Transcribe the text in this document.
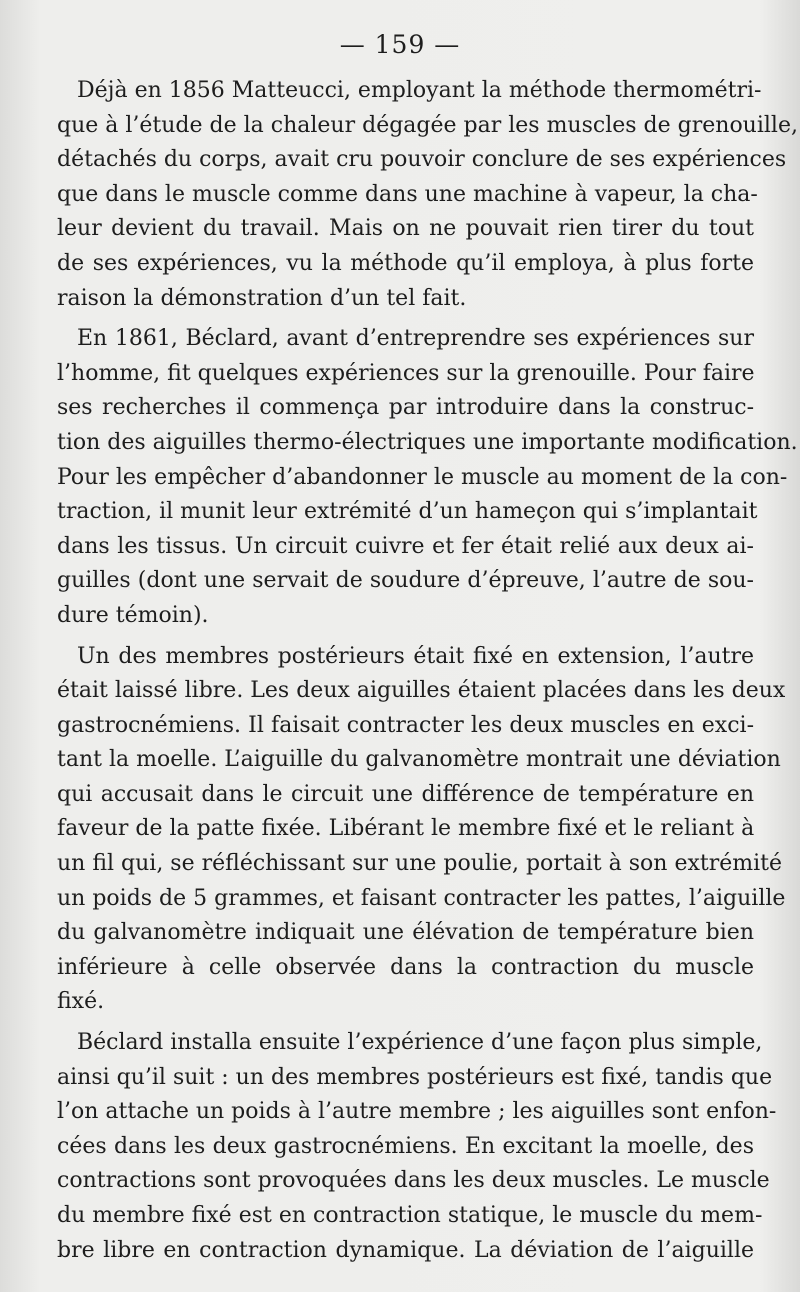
— 159 —

Déjà en 1856 Matteucci, employant la méthode thermométri-
que à l’étude de la chaleur dégagée par les muscles de grenouille,
détachés du corps, avait cru pouvoir conclure de ses expériences
que dans le muscle comme dans une machine à vapeur, la cha-
leur devient du travail. Mais on ne pouvait rien tirer du tout
de ses expériences, vu la méthode qu’il employa, à plus forte
raison la démonstration d’un tel fait.

En 1861, Béclard, avant d’entreprendre ses expériences sur
l’homme, fit quelques expériences sur la grenouille. Pour faire
ses recherches il commença par introduire dans la construc-
tion des aiguilles thermo-électriques une importante modification.
Pour les empêcher d’abandonner le muscle au moment de la con-
traction, il munit leur extrémité d’un hameçon qui s’implantait
dans les tissus. Un circuit cuivre et fer était relié aux deux ai-
guilles (dont une servait de soudure d’épreuve, l’autre de sou-
dure témoin).

Un des membres postérieurs était fixé en extension, l’autre
était laissé libre. Les deux aiguilles étaient placées dans les deux
gastrocnémiens. Il faisait contracter les deux muscles en exci-
tant la moelle. L’aiguille du galvanomètre montrait une déviation
qui accusait dans le circuit une différence de température en
faveur de la patte fixée. Libérant le membre fixé et le reliant à
un fil qui, se réfléchissant sur une poulie, portait à son extrémité
un poids de 5 grammes, et faisant contracter les pattes, l’aiguille
du galvanomètre indiquait une élévation de température bien
inférieure à celle observée dans la contraction du muscle
fixé.

Béclard installa ensuite l’expérience d’une façon plus simple,
ainsi qu’il suit : un des membres postérieurs est fixé, tandis que
l’on attache un poids à l’autre membre ; les aiguilles sont enfon-
cées dans les deux gastrocnémiens. En excitant la moelle, des
contractions sont provoquées dans les deux muscles. Le muscle
du membre fixé est en contraction statique, le muscle du mem-
bre libre en contraction dynamique. La déviation de l’aiguille
